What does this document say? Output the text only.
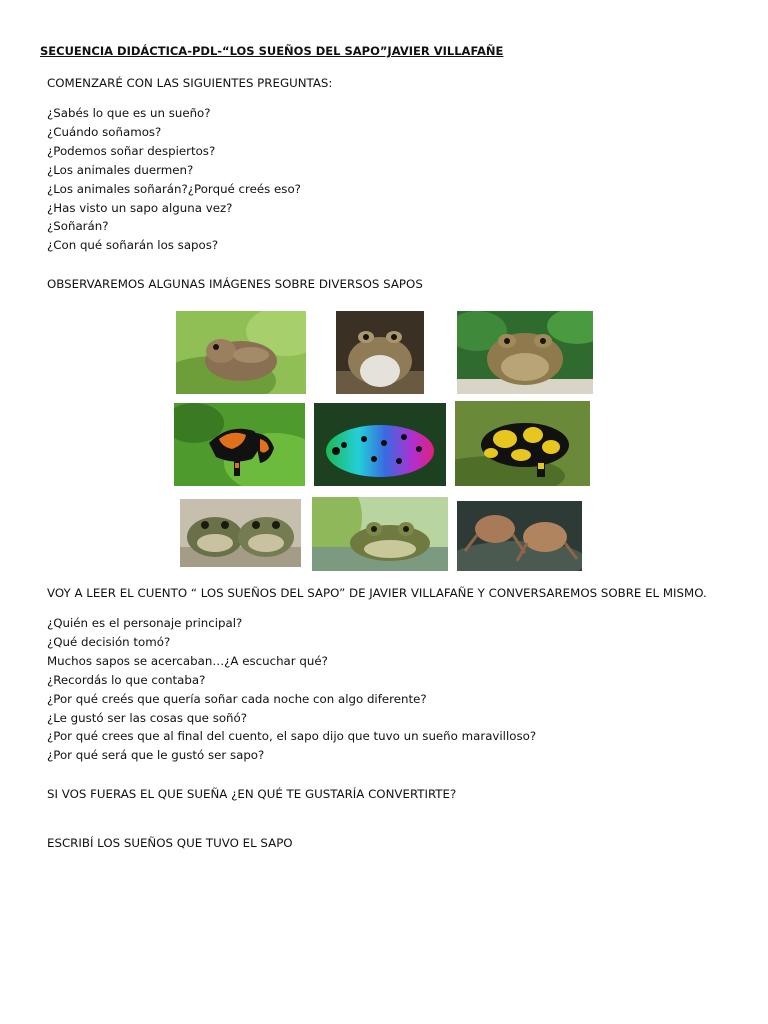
SECUENCIA DIDÁCTICA-PDL-“LOS SUEÑOS DEL SAPO”JAVIER VILLAFAÑE
COMENZARÉ CON LAS SIGUIENTES PREGUNTAS:
¿Sabés lo que es un sueño?
¿Cuándo soñamos?
¿Podemos soñar despiertos?
¿Los animales duermen?
¿Los animales soñarán?¿Porqué creés eso?
¿Has visto un sapo alguna vez?
¿Soñarán?
¿Con qué soñarán los sapos?
OBSERVAREMOS ALGUNAS IMÁGENES SOBRE DIVERSOS SAPOS
VOY A LEER EL CUENTO “ LOS SUEÑOS DEL SAPO” DE JAVIER VILLAFAÑE Y CONVERSAREMOS SOBRE EL MISMO.
¿Quién es el personaje principal?
¿Qué decisión tomó?
Muchos sapos se acercaban…¿A escuchar qué?
¿Recordás lo que contaba?
¿Por qué creés que quería soñar cada noche con algo diferente?
¿Le gustó ser las cosas que soñó?
¿Por qué crees que al final del cuento, el sapo dijo que tuvo un sueño maravilloso?
¿Por qué será que le gustó ser sapo?
SI VOS FUERAS EL QUE SUEÑA ¿EN QUÉ TE GUSTARÍA CONVERTIRTE?
ESCRIBÍ LOS SUEÑOS QUE TUVO EL SAPO
